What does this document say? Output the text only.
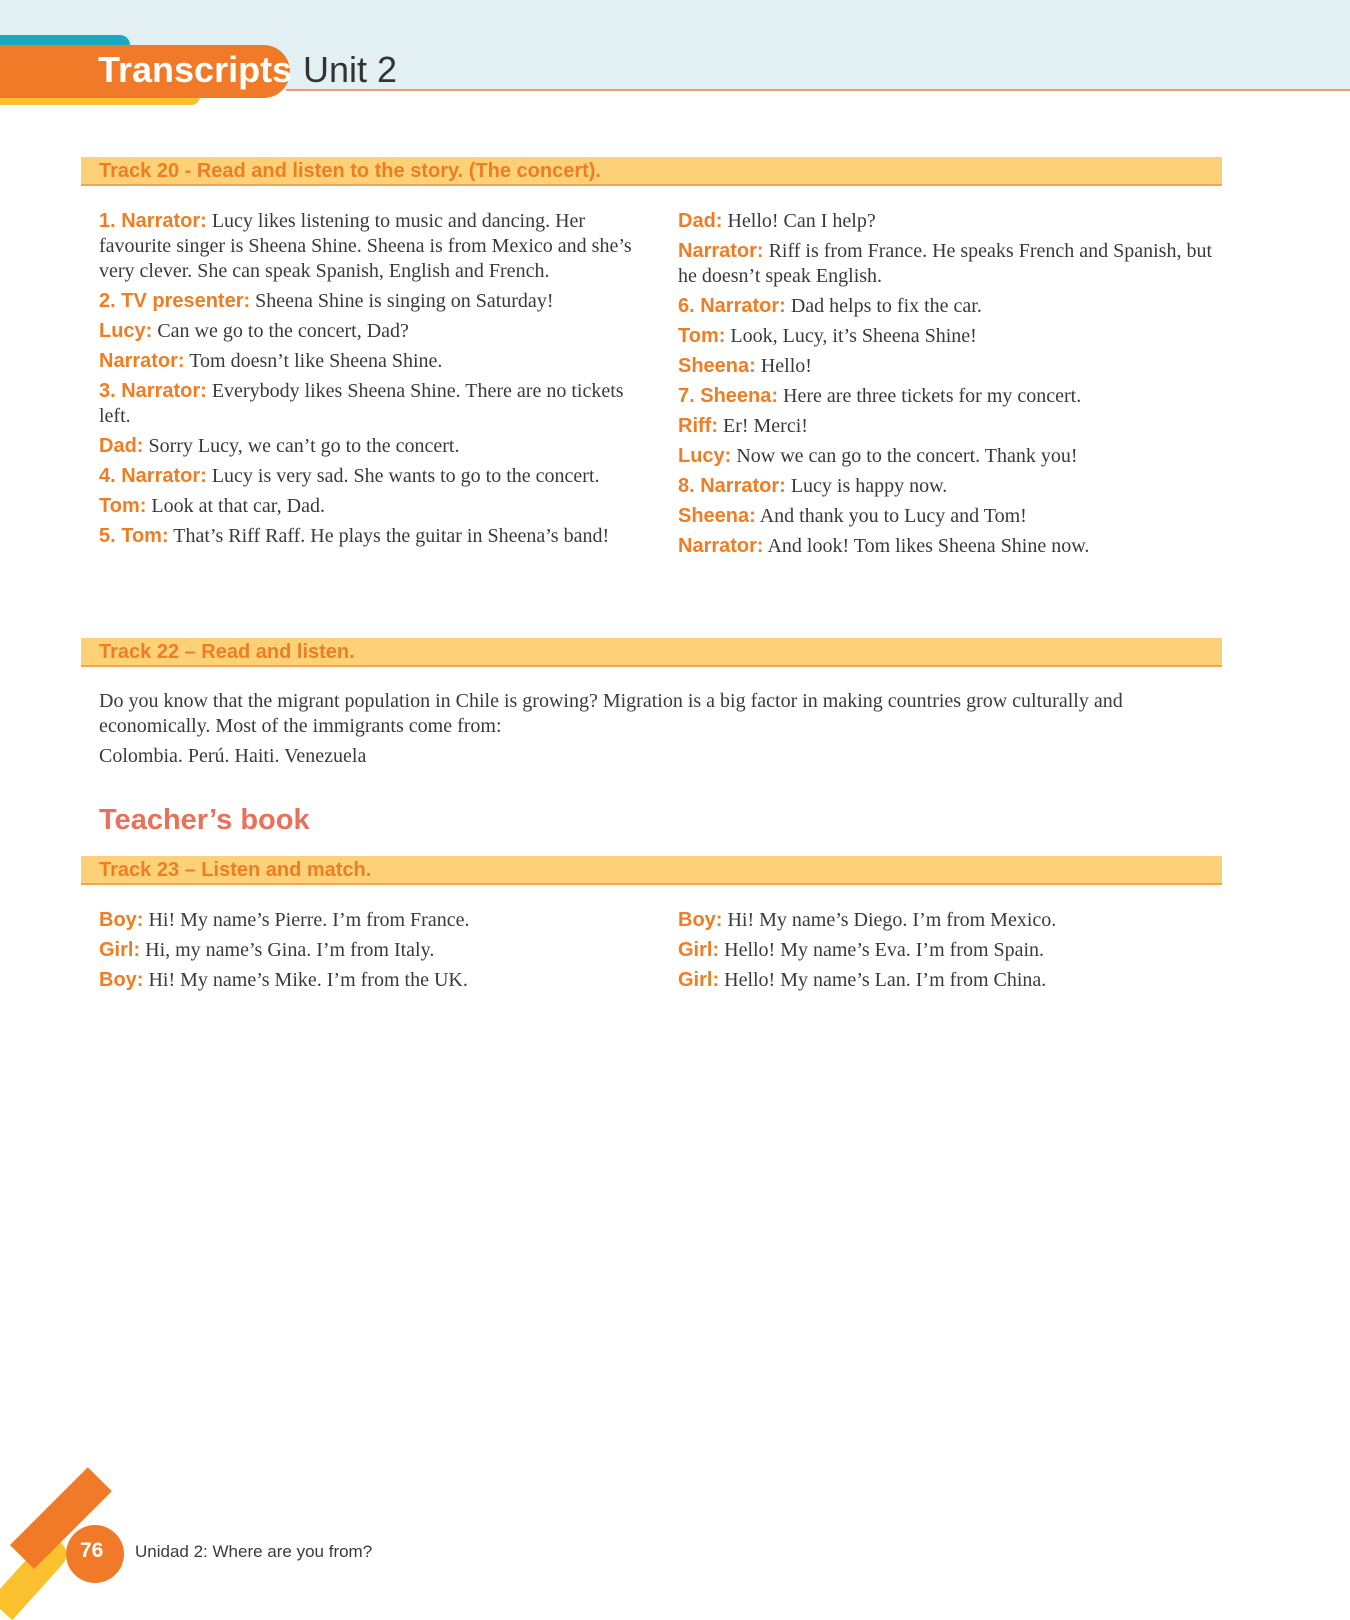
Transcripts Unit 2
Track 20 - Read and listen to the story. (The concert).

1. Narrator: Lucy likes listening to music and dancing. Her favourite singer is Sheena Shine. Sheena is from Mexico and she’s very clever. She can speak Spanish, English and French.

2. TV presenter: Sheena Shine is singing on Saturday!

Lucy: Can we go to the concert, Dad?

Narrator: Tom doesn’t like Sheena Shine.

3. Narrator: Everybody likes Sheena Shine. There are no tickets left.

Dad: Sorry Lucy, we can’t go to the concert.

4. Narrator: Lucy is very sad. She wants to go to the concert.

Tom: Look at that car, Dad.

5. Tom: That’s Riff Raff. He plays the guitar in Sheena’s band!

Dad: Hello! Can I help?

Narrator: Riff is from France. He speaks French and Spanish, but he doesn’t speak English.

6. Narrator: Dad helps to fix the car.

Tom: Look, Lucy, it’s Sheena Shine!

Sheena: Hello!

7. Sheena: Here are three tickets for my concert.

Riff: Er! Merci!

Lucy: Now we can go to the concert. Thank you!

8. Narrator: Lucy is happy now.

Sheena: And thank you to Lucy and Tom!

Narrator: And look! Tom likes Sheena Shine now.

Track 22 – Read and listen.

Do you know that the migrant population in Chile is growing? Migration is a big factor in making countries grow culturally and economically. Most of the immigrants come from:

Colombia. Perú. Haiti. Venezuela

Teacher’s book
Track 23 – Listen and match.

Boy: Hi! My name’s Pierre. I’m from France.

Girl: Hi, my name’s Gina. I’m from Italy.

Boy: Hi! My name’s Mike. I’m from the UK.

Boy: Hi! My name’s Diego. I’m from Mexico.

Girl: Hello! My name’s Eva. I’m from Spain.

Girl: Hello! My name’s Lan. I’m from China.

76 Unidad 2: Where are you from?
